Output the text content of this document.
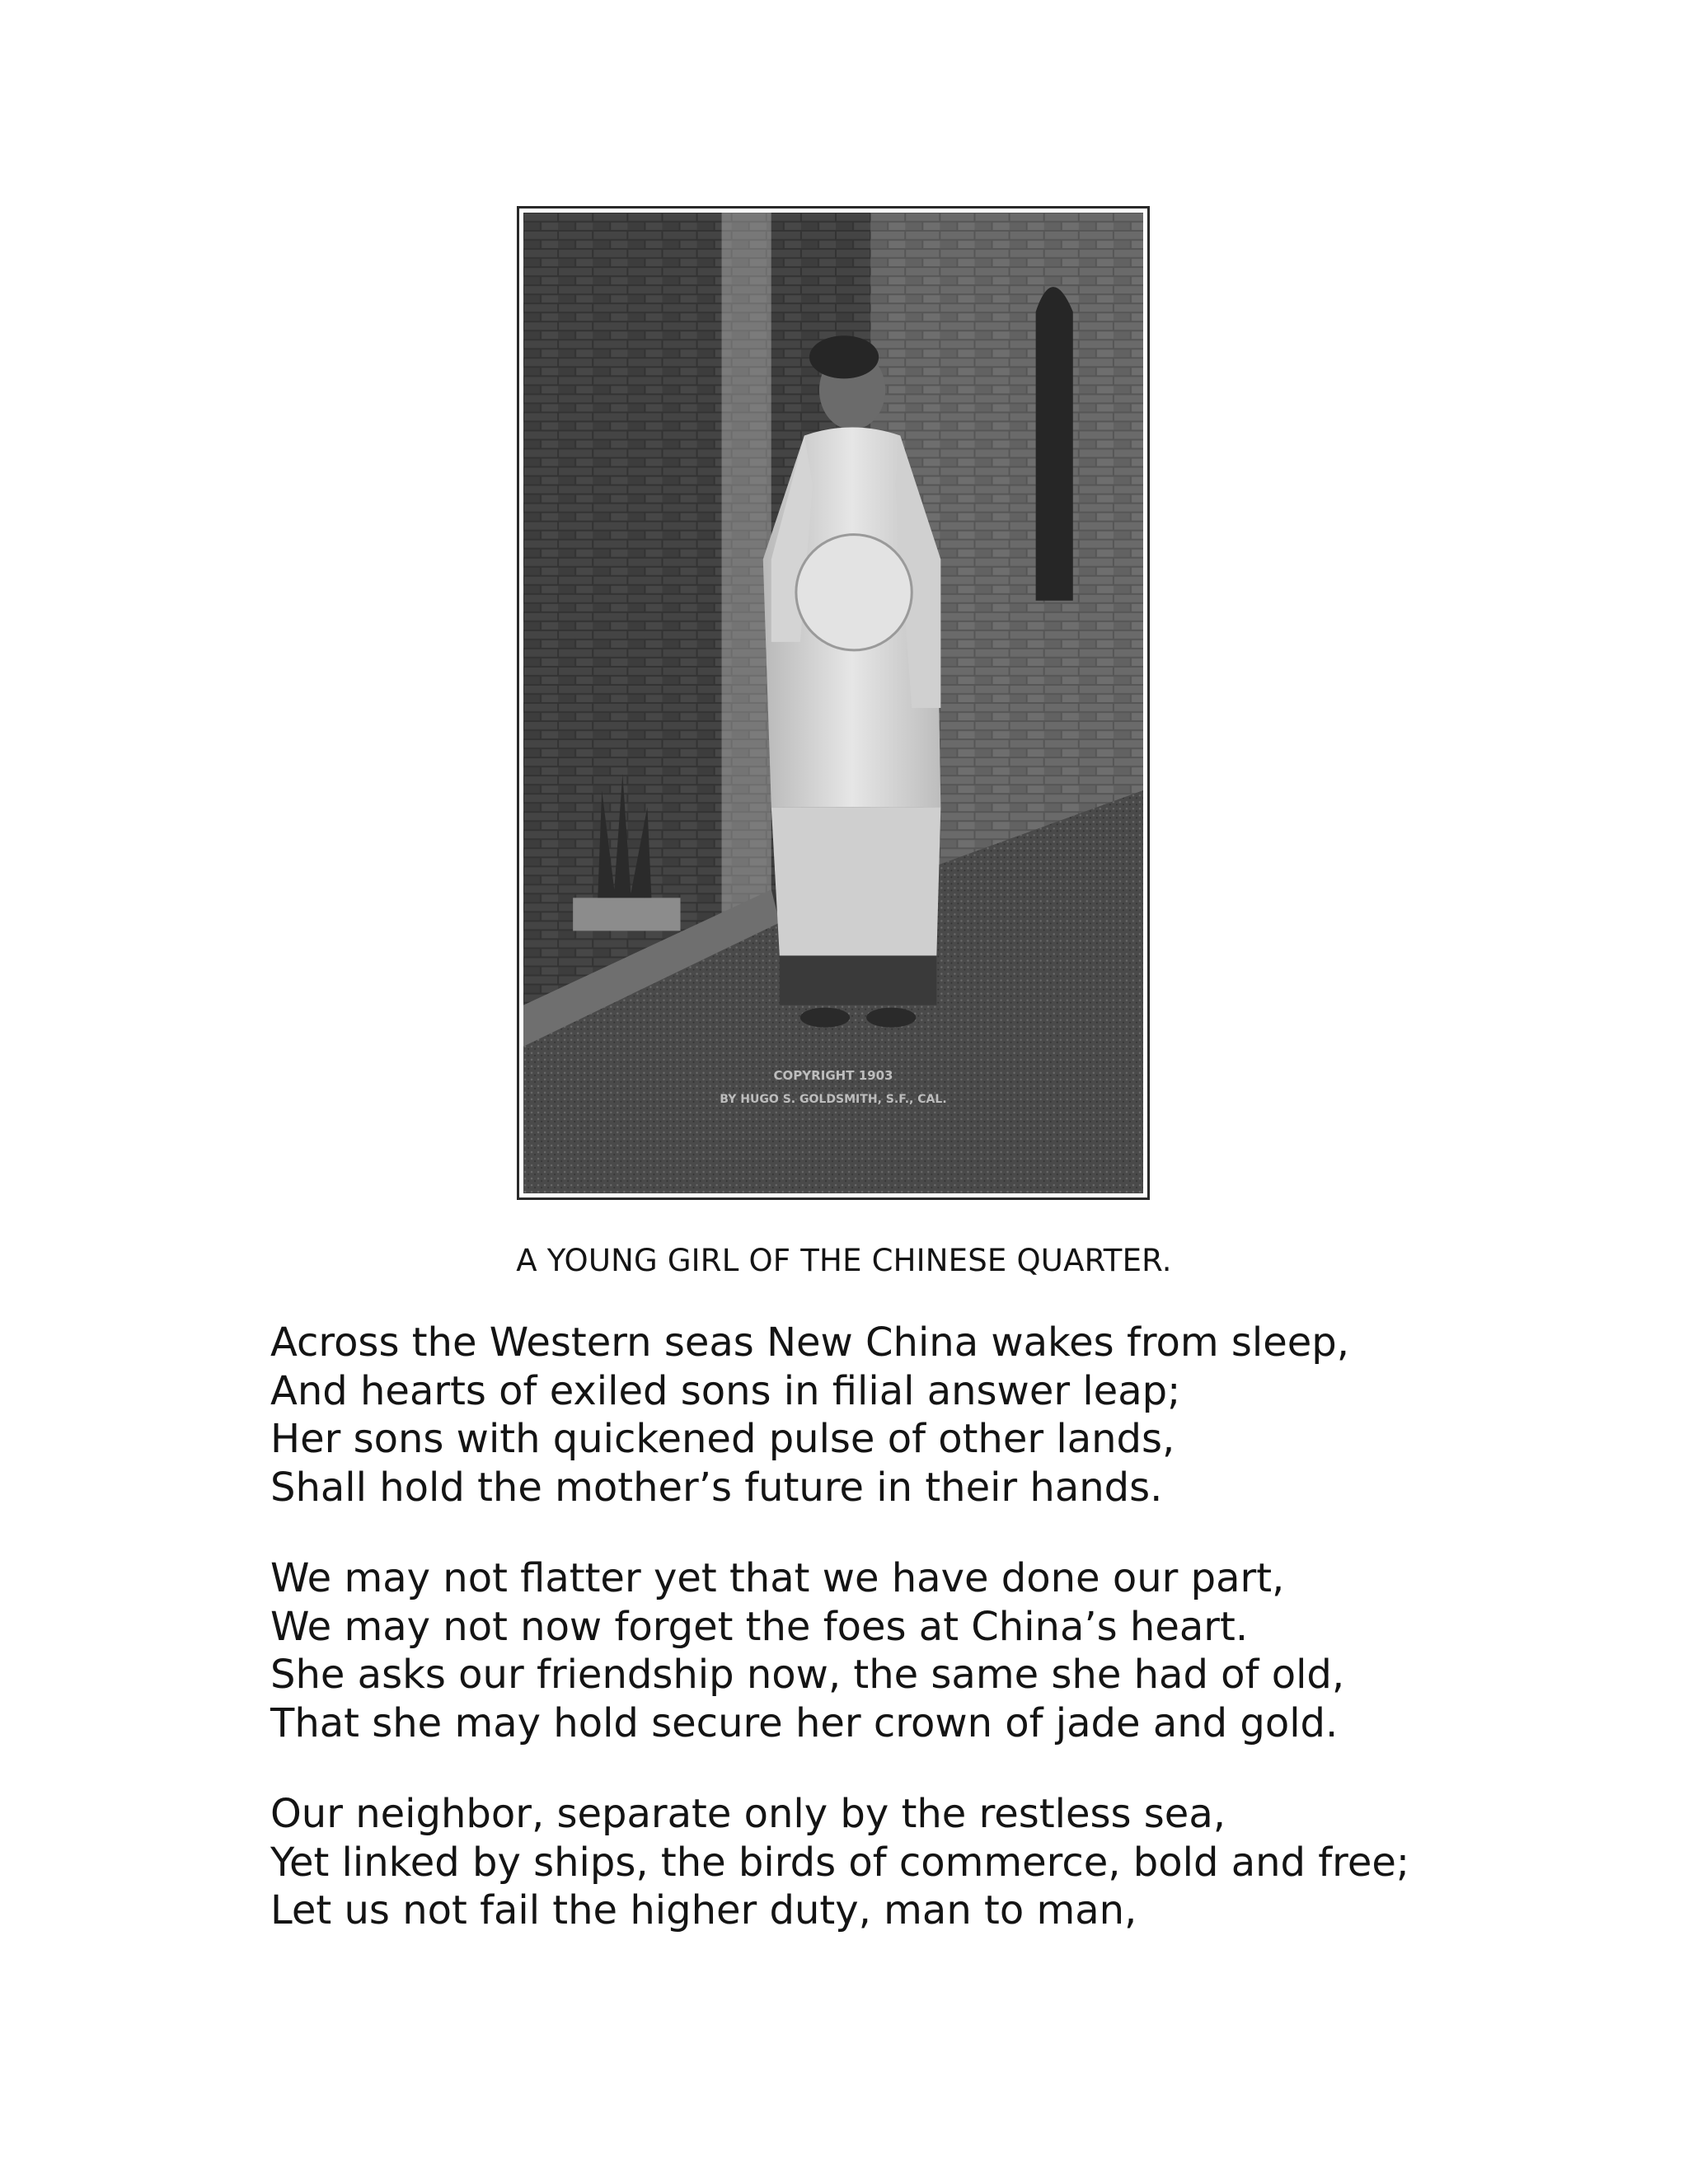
COPYRIGHT 1903
BY HUGO S. GOLDSMITH, S.F., CAL.
A YOUNG GIRL OF THE CHINESE QUARTER.
Across the Western seas New China wakes from sleep,
And hearts of exiled sons in filial answer leap;
Her sons with quickened pulse of other lands,
Shall hold the mother’s future in their hands.
We may not flatter yet that we have done our part,
We may not now forget the foes at China’s heart.
She asks our friendship now, the same she had of old,
That she may hold secure her crown of jade and gold.
Our neighbor, separate only by the restless sea,
Yet linked by ships, the birds of commerce, bold and free;
Let us not fail the higher duty, man to man,
